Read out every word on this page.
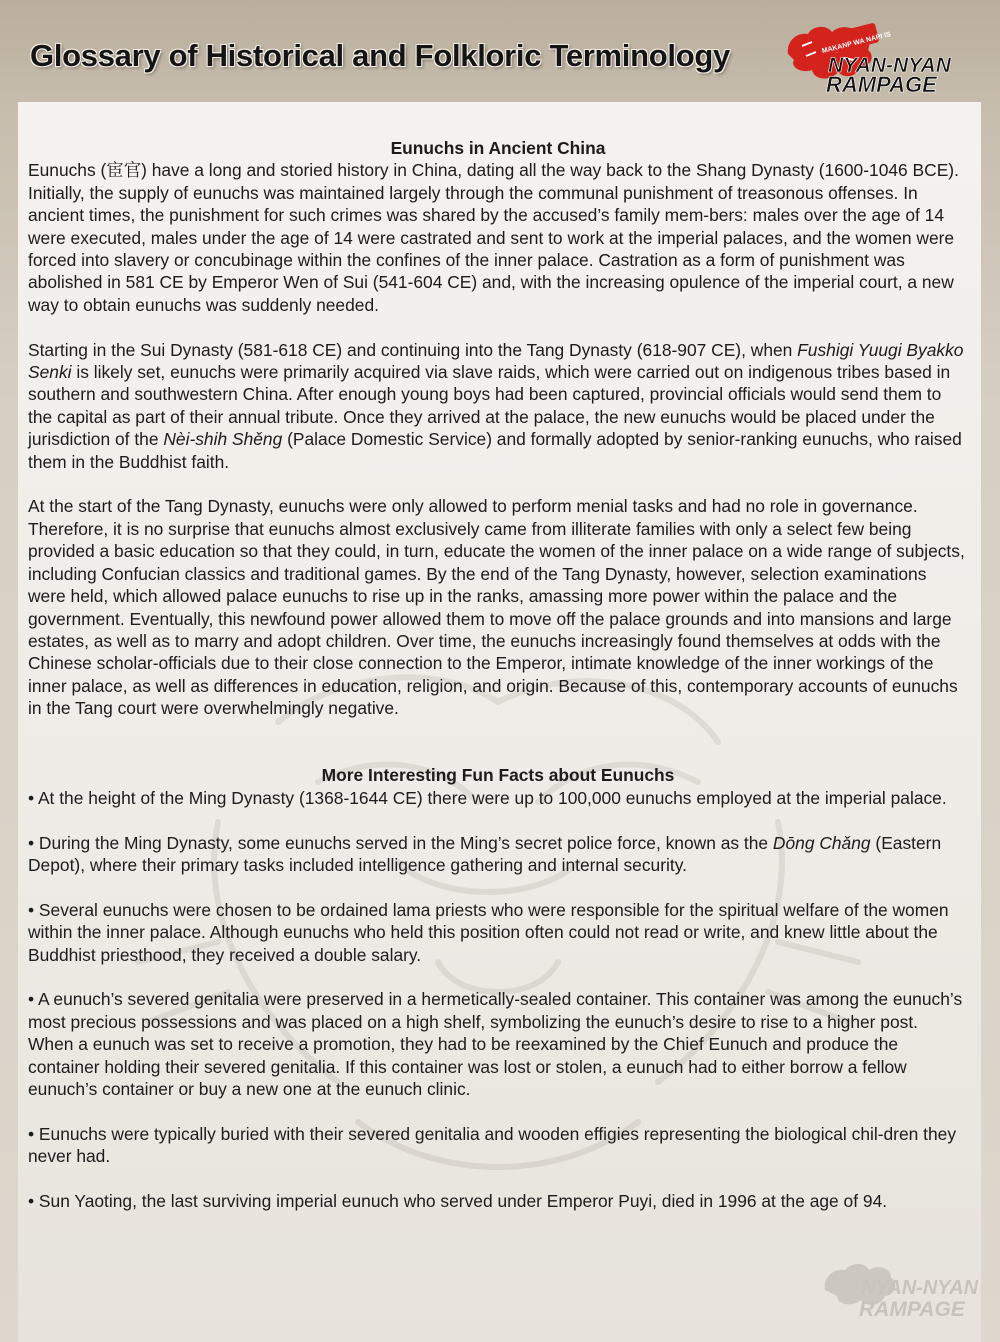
Glossary of Historical and Folkloric Terminology	MAKANP WA NAPI IS
NYAN-NYAN
RAMPAGE
Eunuchs in Ancient China

Eunuchs (宦官) have a long and storied history in China, dating all the way back to the Shang Dynasty (1600-1046 BCE). Initially, the supply of eunuchs was maintained largely through the communal punishment of treasonous offenses. In ancient times, the punishment for such crimes was shared by the accused’s family mem-bers: males over the age of 14 were executed, males under the age of 14 were castrated and sent to work at the imperial palaces, and the women were forced into slavery or concubinage within the confines of the inner palace. Castration as a form of punishment was abolished in 581 CE by Emperor Wen of Sui (541-604 CE) and, with the increasing opulence of the imperial court, a new way to obtain eunuchs was suddenly needed.

Starting in the Sui Dynasty (581-618 CE) and continuing into the Tang Dynasty (618-907 CE), when Fushigi Yuugi Byakko Senki is likely set, eunuchs were primarily acquired via slave raids, which were carried out on indigenous tribes based in southern and southwestern China. After enough young boys had been captured, provincial officials would send them to the capital as part of their annual tribute. Once they arrived at the palace, the new eunuchs would be placed under the jurisdiction of the Nèi-shih Shěng (Palace Domestic Service) and formally adopted by senior-ranking eunuchs, who raised them in the Buddhist faith.

At the start of the Tang Dynasty, eunuchs were only allowed to perform menial tasks and had no role in governance. Therefore, it is no surprise that eunuchs almost exclusively came from illiterate families with only a select few being provided a basic education so that they could, in turn, educate the women of the inner palace on a wide range of subjects, including Confucian classics and traditional games. By the end of the Tang Dynasty, however, selection examinations were held, which allowed palace eunuchs to rise up in the ranks, amassing more power within the palace and the government. Eventually, this newfound power allowed them to move off the palace grounds and into mansions and large estates, as well as to marry and adopt children. Over time, the eunuchs increasingly found themselves at odds with the Chinese scholar-officials due to their close connection to the Emperor, intimate knowledge of the inner workings of the inner palace, as well as differences in education, religion, and origin. Because of this, contemporary accounts of eunuchs in the Tang court were overwhelmingly negative.

More Interesting Fun Facts about Eunuchs

• At the height of the Ming Dynasty (1368-1644 CE) there were up to 100,000 eunuchs employed at the imperial palace.

• During the Ming Dynasty, some eunuchs served in the Ming’s secret police force, known as the Dōng Chǎng (Eastern Depot), where their primary tasks included intelligence gathering and internal security.

• Several eunuchs were chosen to be ordained lama priests who were responsible for the spiritual welfare of the women within the inner palace. Although eunuchs who held this position often could not read or write, and knew little about the Buddhist priesthood, they received a double salary.

• A eunuch’s severed genitalia were preserved in a hermetically-sealed container. This container was among the eunuch’s most precious possessions and was placed on a high shelf, symbolizing the eunuch’s desire to rise to a higher post. When a eunuch was set to receive a promotion, they had to be reexamined by the Chief Eunuch and produce the container holding their severed genitalia. If this container was lost or stolen, a eunuch had to either borrow a fellow eunuch’s container or buy a new one at the eunuch clinic.

• Eunuchs were typically buried with their severed genitalia and wooden effigies representing the biological chil-dren they never had.

• Sun Yaoting, the last surviving imperial eunuch who served under Emperor Puyi, died in 1996 at the age of 94.

NYAN-NYAN
RAMPAGE
